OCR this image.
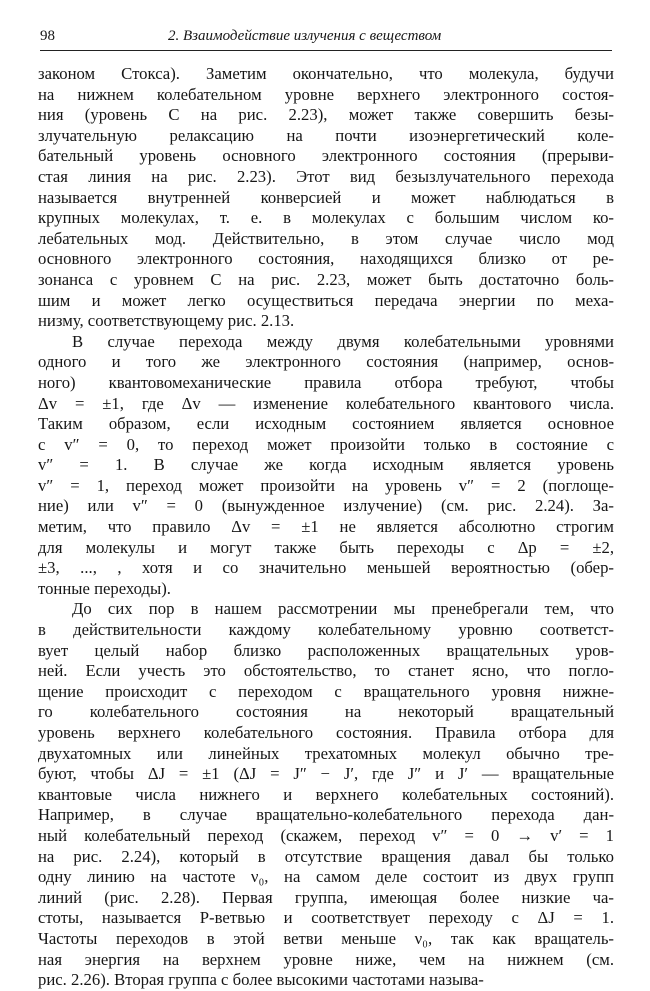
98	2. Взаимодействие излучения с веществом
законом Стокса). Заметим окончательно, что молекула, будучи
на нижнем колебательном уровне верхнего электронного состоя-
ния (уровень C на рис. 2.23), может также совершить безы-
злучательную релаксацию на почти изоэнергетический коле-
бательный уровень основного электронного состояния (прерыви-
стая линия на рис. 2.23). Этот вид безызлучательного перехода
называется внутренней конверсией и может наблюдаться в
крупных молекулах, т. е. в молекулах с большим числом ко-
лебательных мод. Действительно, в этом случае число мод
основного электронного состояния, находящихся близко от ре-
зонанса с уровнем C на рис. 2.23, может быть достаточно боль-
шим и может легко осуществиться передача энергии по меха-
низму, соответствующему рис. 2.13.
В случае перехода между двумя колебательными уровнями
одного и того же электронного состояния (например, основ-
ного) квантовомеханические правила отбора требуют, чтобы
Δv = ±1, где Δv — изменение колебательного квантового числа.
Таким образом, если исходным состоянием является основное
с v″ = 0, то переход может произойти только в состояние с
v″ = 1. В случае же когда исходным является уровень
v″ = 1, переход может произойти на уровень v″ = 2 (поглоще-
ние) или v″ = 0 (вынужденное излучение) (см. рис. 2.24). За-
метим, что правило Δv = ±1 не является абсолютно строгим
для молекулы и могут также быть переходы с Δp = ±2,
±3, ..., , хотя и со значительно меньшей вероятностью (обер-
тонные переходы).
До сих пор в нашем рассмотрении мы пренебрегали тем, что
в действительности каждому колебательному уровню соответст-
вует целый набор близко расположенных вращательных уров-
ней. Если учесть это обстоятельство, то станет ясно, что погло-
щение происходит с переходом с вращательного уровня нижне-
го колебательного состояния на некоторый вращательный
уровень верхнего колебательного состояния. Правила отбора для
двухатомных или линейных трехатомных молекул обычно тре-
буют, чтобы ΔJ = ±1 (ΔJ = J″ − J′, где J″ и J′ — вращательные
квантовые числа нижнего и верхнего колебательных состояний).
Например, в случае вращательно-колебательного перехода дан-
ный колебательный переход (скажем, переход v″ = 0 → v′ = 1
на рис. 2.24), который в отсутствие вращения давал бы только
одну линию на частоте ν₀, на самом деле состоит из двух групп
линий (рис. 2.28). Первая группа, имеющая более низкие ча-
стоты, называется P-ветвью и соответствует переходу с ΔJ = 1.
Частоты переходов в этой ветви меньше ν₀, так как вращатель-
ная энергия на верхнем уровне ниже, чем на нижнем (см.
рис. 2.26). Вторая группа с более высокими частотами называ-
